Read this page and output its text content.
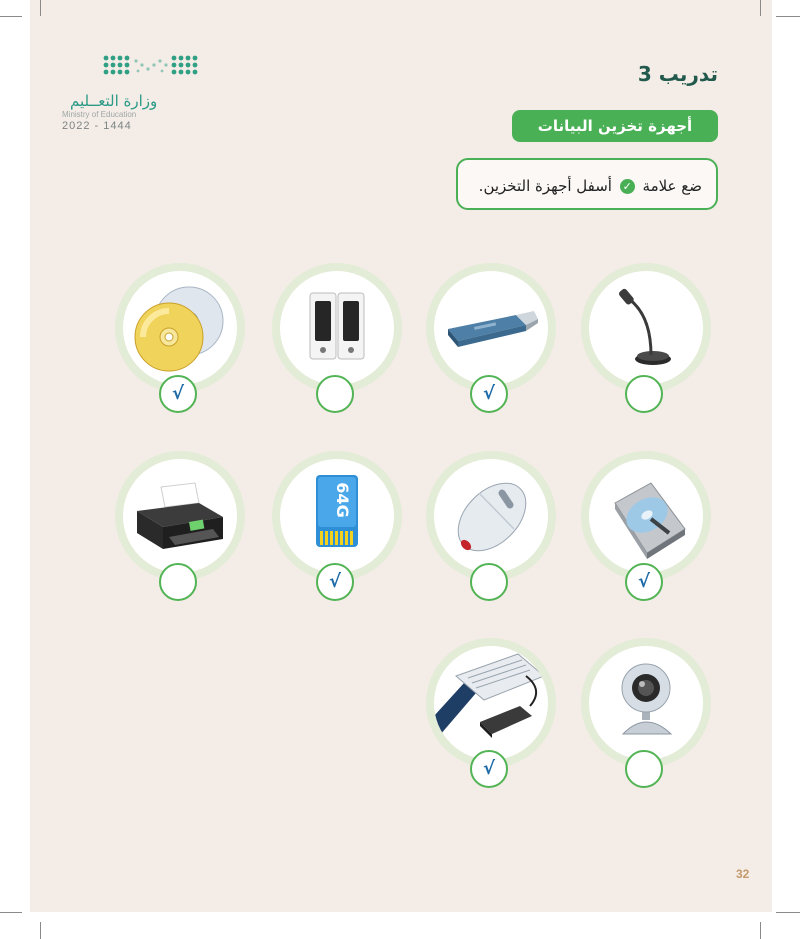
وزارة التعــليم
Ministry of Education
2022 - 1444
تدريب 3
أجهزة تخزين البيانات
ضع علامة ✓ أسفل أجهزة التخزين.
√
√
√
64G
√
√
32
